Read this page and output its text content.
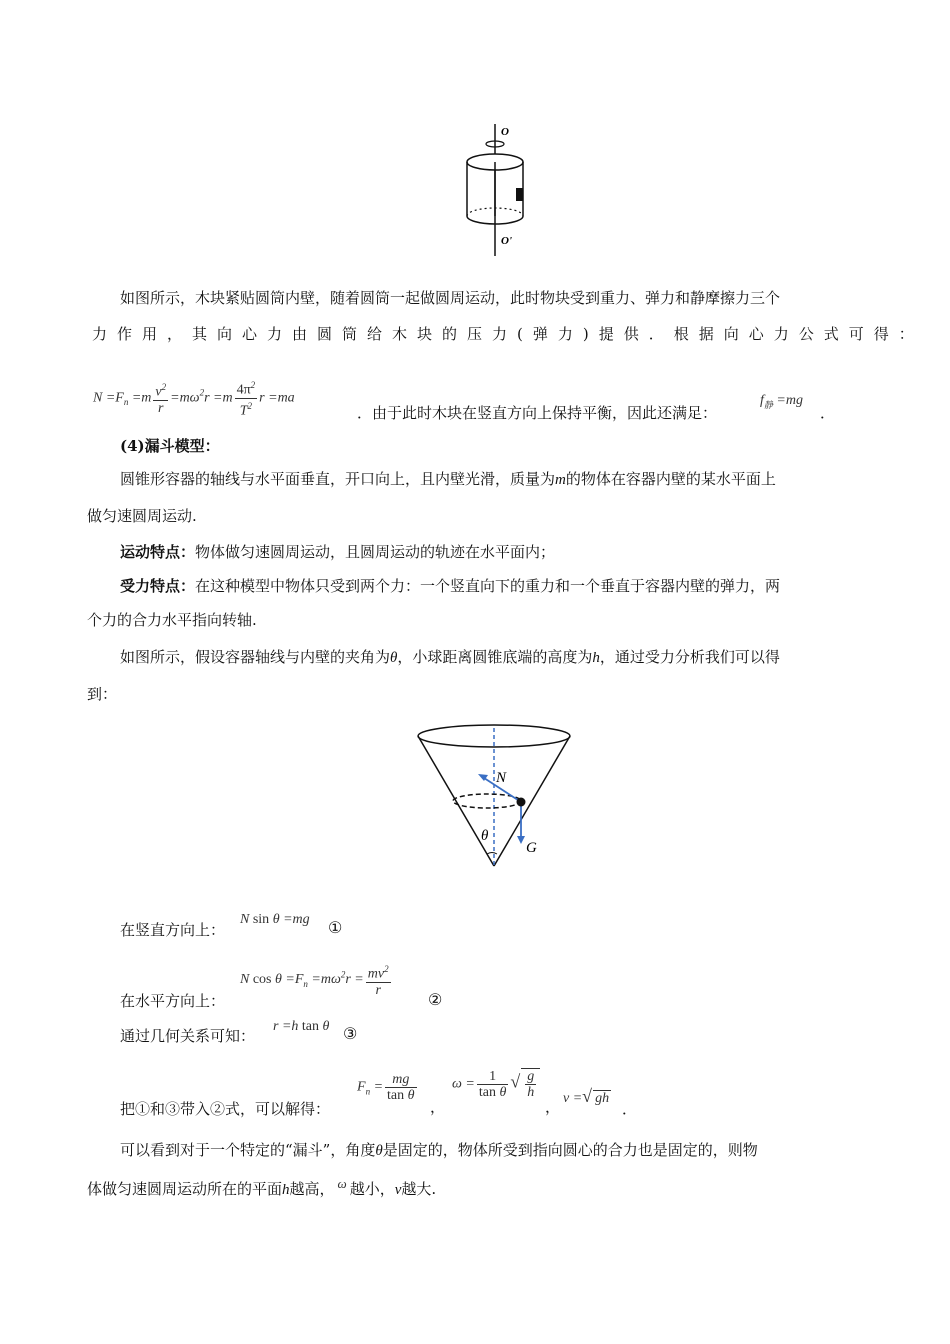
O
O'
如图所示，木块紧贴圆筒内壁，随着圆筒一起做圆周运动，此时物块受到重力、弹力和静摩擦力三个
力作用，其向心力由圆筒给木块的压力(弹力)提供．根据向心力公式可得：
$N =F_n =m \frac{v^2}{r} =m\omega^2r =m \frac{4\pi^2}{T^2}$ r =ma
．由于此时木块在竖直方向上保持平衡，因此还满足：
$f_静 =mg$
．
(4)漏斗模型：
圆锥形容器的轴线与水平面垂直，开口向上，且内壁光滑，质量为m的物体在容器内壁的某水平面上
做匀速圆周运动.
运动特点：物体做匀速圆周运动，且圆周运动的轨迹在水平面内；
受力特点：在这种模型中物体只受到两个力：一个竖直向下的重力和一个垂直于容器内壁的弹力，两
个力的合力水平指向转轴.
如图所示，假设容器轴线与内壁的夹角为θ，小球距离圆锥底端的高度为h，通过受力分析我们可以得
到：
N
G
θ
在竖直方向上：
N sin θ =mg ①
N $\cos \theta =F_n =m\omega^2r = \frac{mv^2}{r}$
在水平方向上：	②
通过几何关系可知：
r =h tan θ ③
把①和③带入②式，可以解得：
$F_n = \frac{mg}{\text{tan θ}}$
，
$\omega = \frac{1}{\text{tan θ}}$ √ $\frac{g}{h}$
， v =√ gh
．
可以看到对于一个特定的“漏斗”，角度θ是固定的，物体所受到指向圆心的合力也是固定的，则物
体做匀速圆周运动所在的平面h越高， ω 越小，v越大.
